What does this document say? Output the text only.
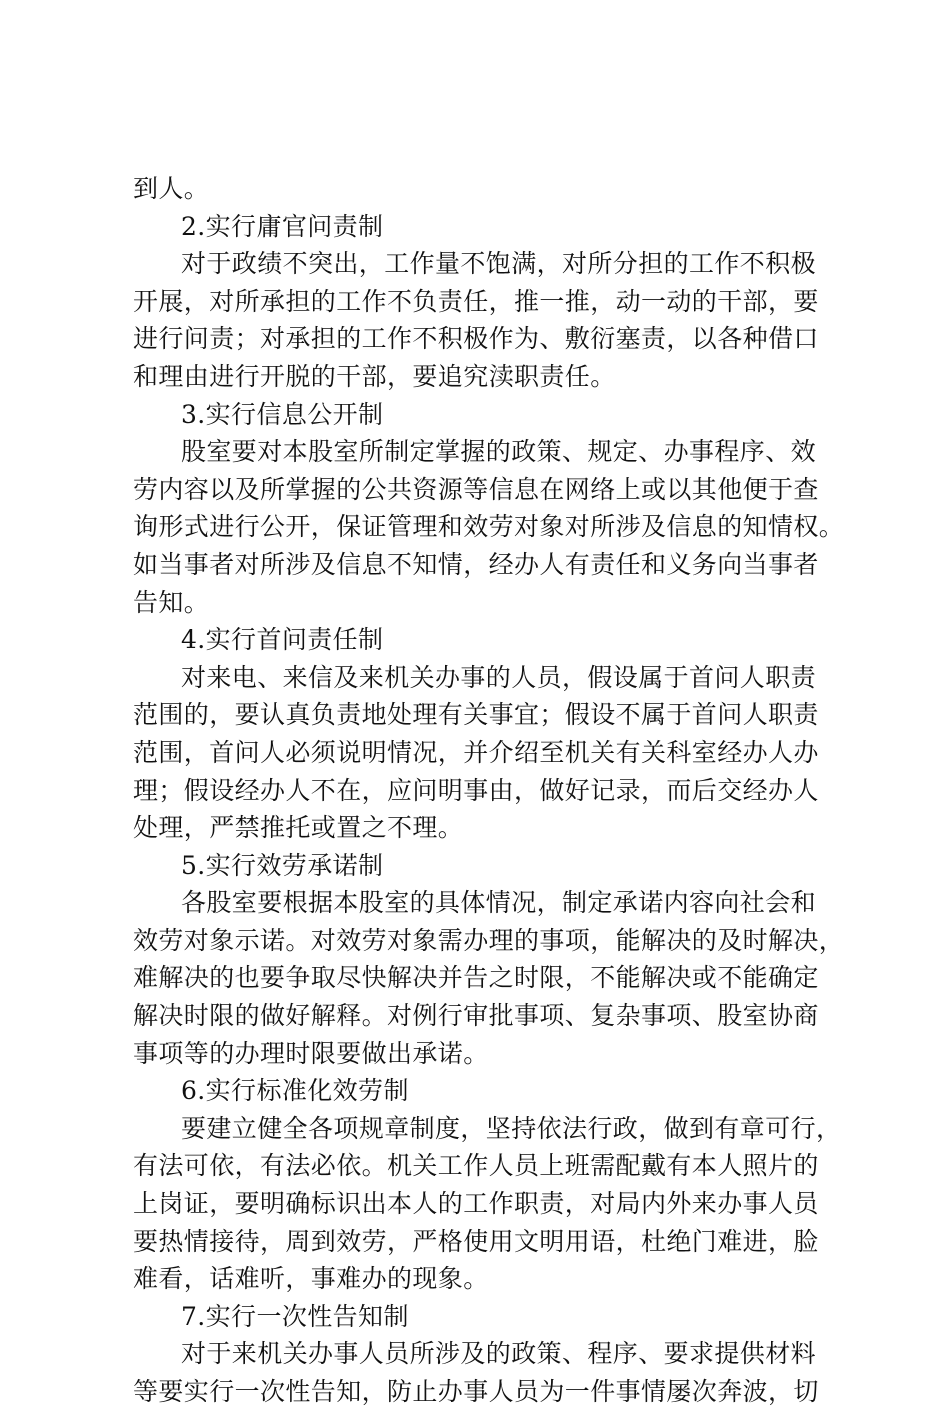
到人。
2.实行庸官问责制
对于政绩不突出，工作量不饱满，对所分担的工作不积极
开展，对所承担的工作不负责任，推一推，动一动的干部，要
进行问责；对承担的工作不积极作为、敷衍塞责，以各种借口
和理由进行开脱的干部，要追究渎职责任。
3.实行信息公开制
股室要对本股室所制定掌握的政策、规定、办事程序、效
劳内容以及所掌握的公共资源等信息在网络上或以其他便于查
询形式进行公开，保证管理和效劳对象对所涉及信息的知情权。
如当事者对所涉及信息不知情，经办人有责任和义务向当事者
告知。
4.实行首问责任制
对来电、来信及来机关办事的人员，假设属于首问人职责
范围的，要认真负责地处理有关事宜；假设不属于首问人职责
范围，首问人必须说明情况，并介绍至机关有关科室经办人办
理；假设经办人不在，应问明事由，做好记录，而后交经办人
处理，严禁推托或置之不理。
5.实行效劳承诺制
各股室要根据本股室的具体情况，制定承诺内容向社会和
效劳对象示诺。对效劳对象需办理的事项，能解决的及时解决，
难解决的也要争取尽快解决并告之时限，不能解决或不能确定
解决时限的做好解释。对例行审批事项、复杂事项、股室协商
事项等的办理时限要做出承诺。
6.实行标准化效劳制
要建立健全各项规章制度，坚持依法行政，做到有章可行，
有法可依，有法必依。机关工作人员上班需配戴有本人照片的
上岗证，要明确标识出本人的工作职责，对局内外来办事人员
要热情接待，周到效劳，严格使用文明用语，杜绝门难进，脸
难看，话难听，事难办的现象。
7.实行一次性告知制
对于来机关办事人员所涉及的政策、程序、要求提供材料
等要实行一次性告知，防止办事人员为一件事情屡次奔波，切
